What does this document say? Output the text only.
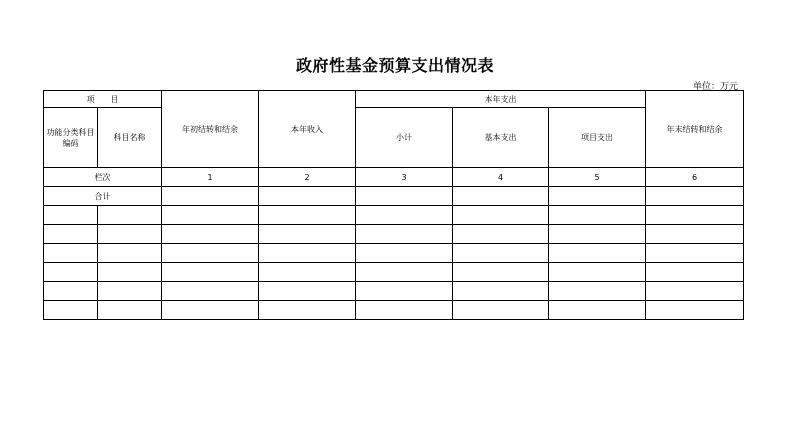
政府性基金预算支出情况表
单位：万元
项　　目		年初结转和结余	本年收入	本年支出			年末结转和结余
功能分类科目编码	科目名称			小计	基本支出	项目支出	
栏次		1	2	3	4	5	6
合计							
